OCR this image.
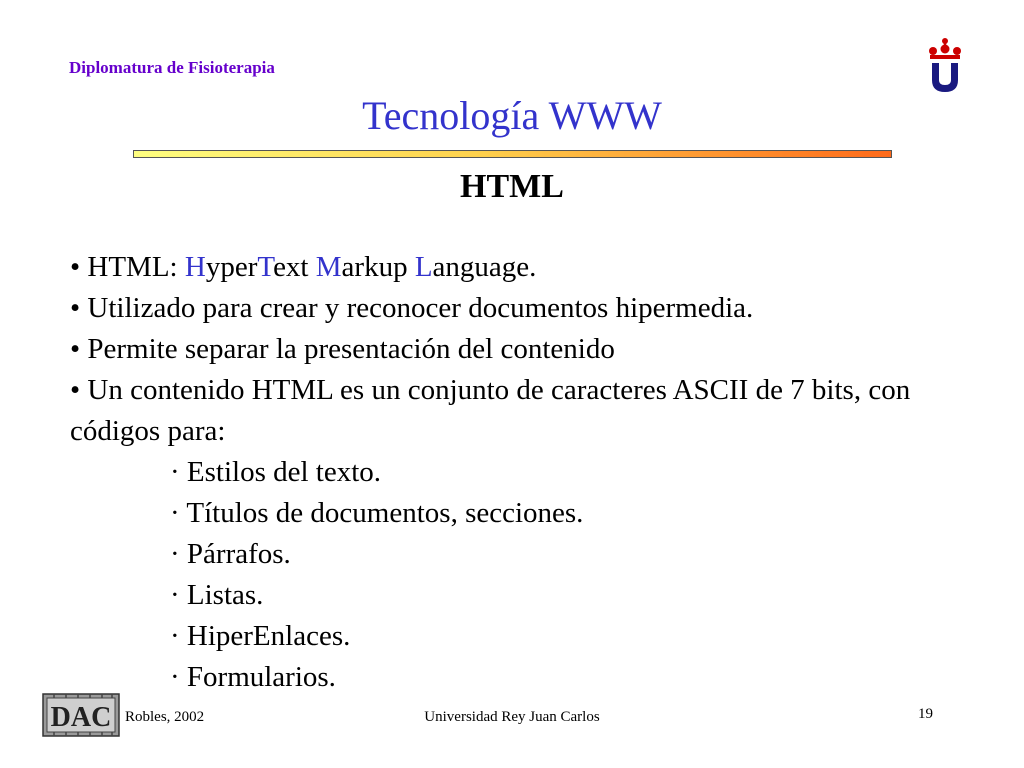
Diplomatura de Fisioterapia
Tecnología WWW
HTML

• HTML: HyperText Markup Language.

• Utilizado para crear y reconocer documentos hipermedia.

• Permite separar la presentación del contenido

• Un contenido HTML es un conjunto de caracteres ASCII de 7 bits, con códigos para:

· Estilos del texto.

· Títulos de documentos, secciones.

· Párrafos.

· Listas.

· HiperEnlaces.

· Formularios.

DAC Robles, 2002	Universidad Rey Juan Carlos	19
